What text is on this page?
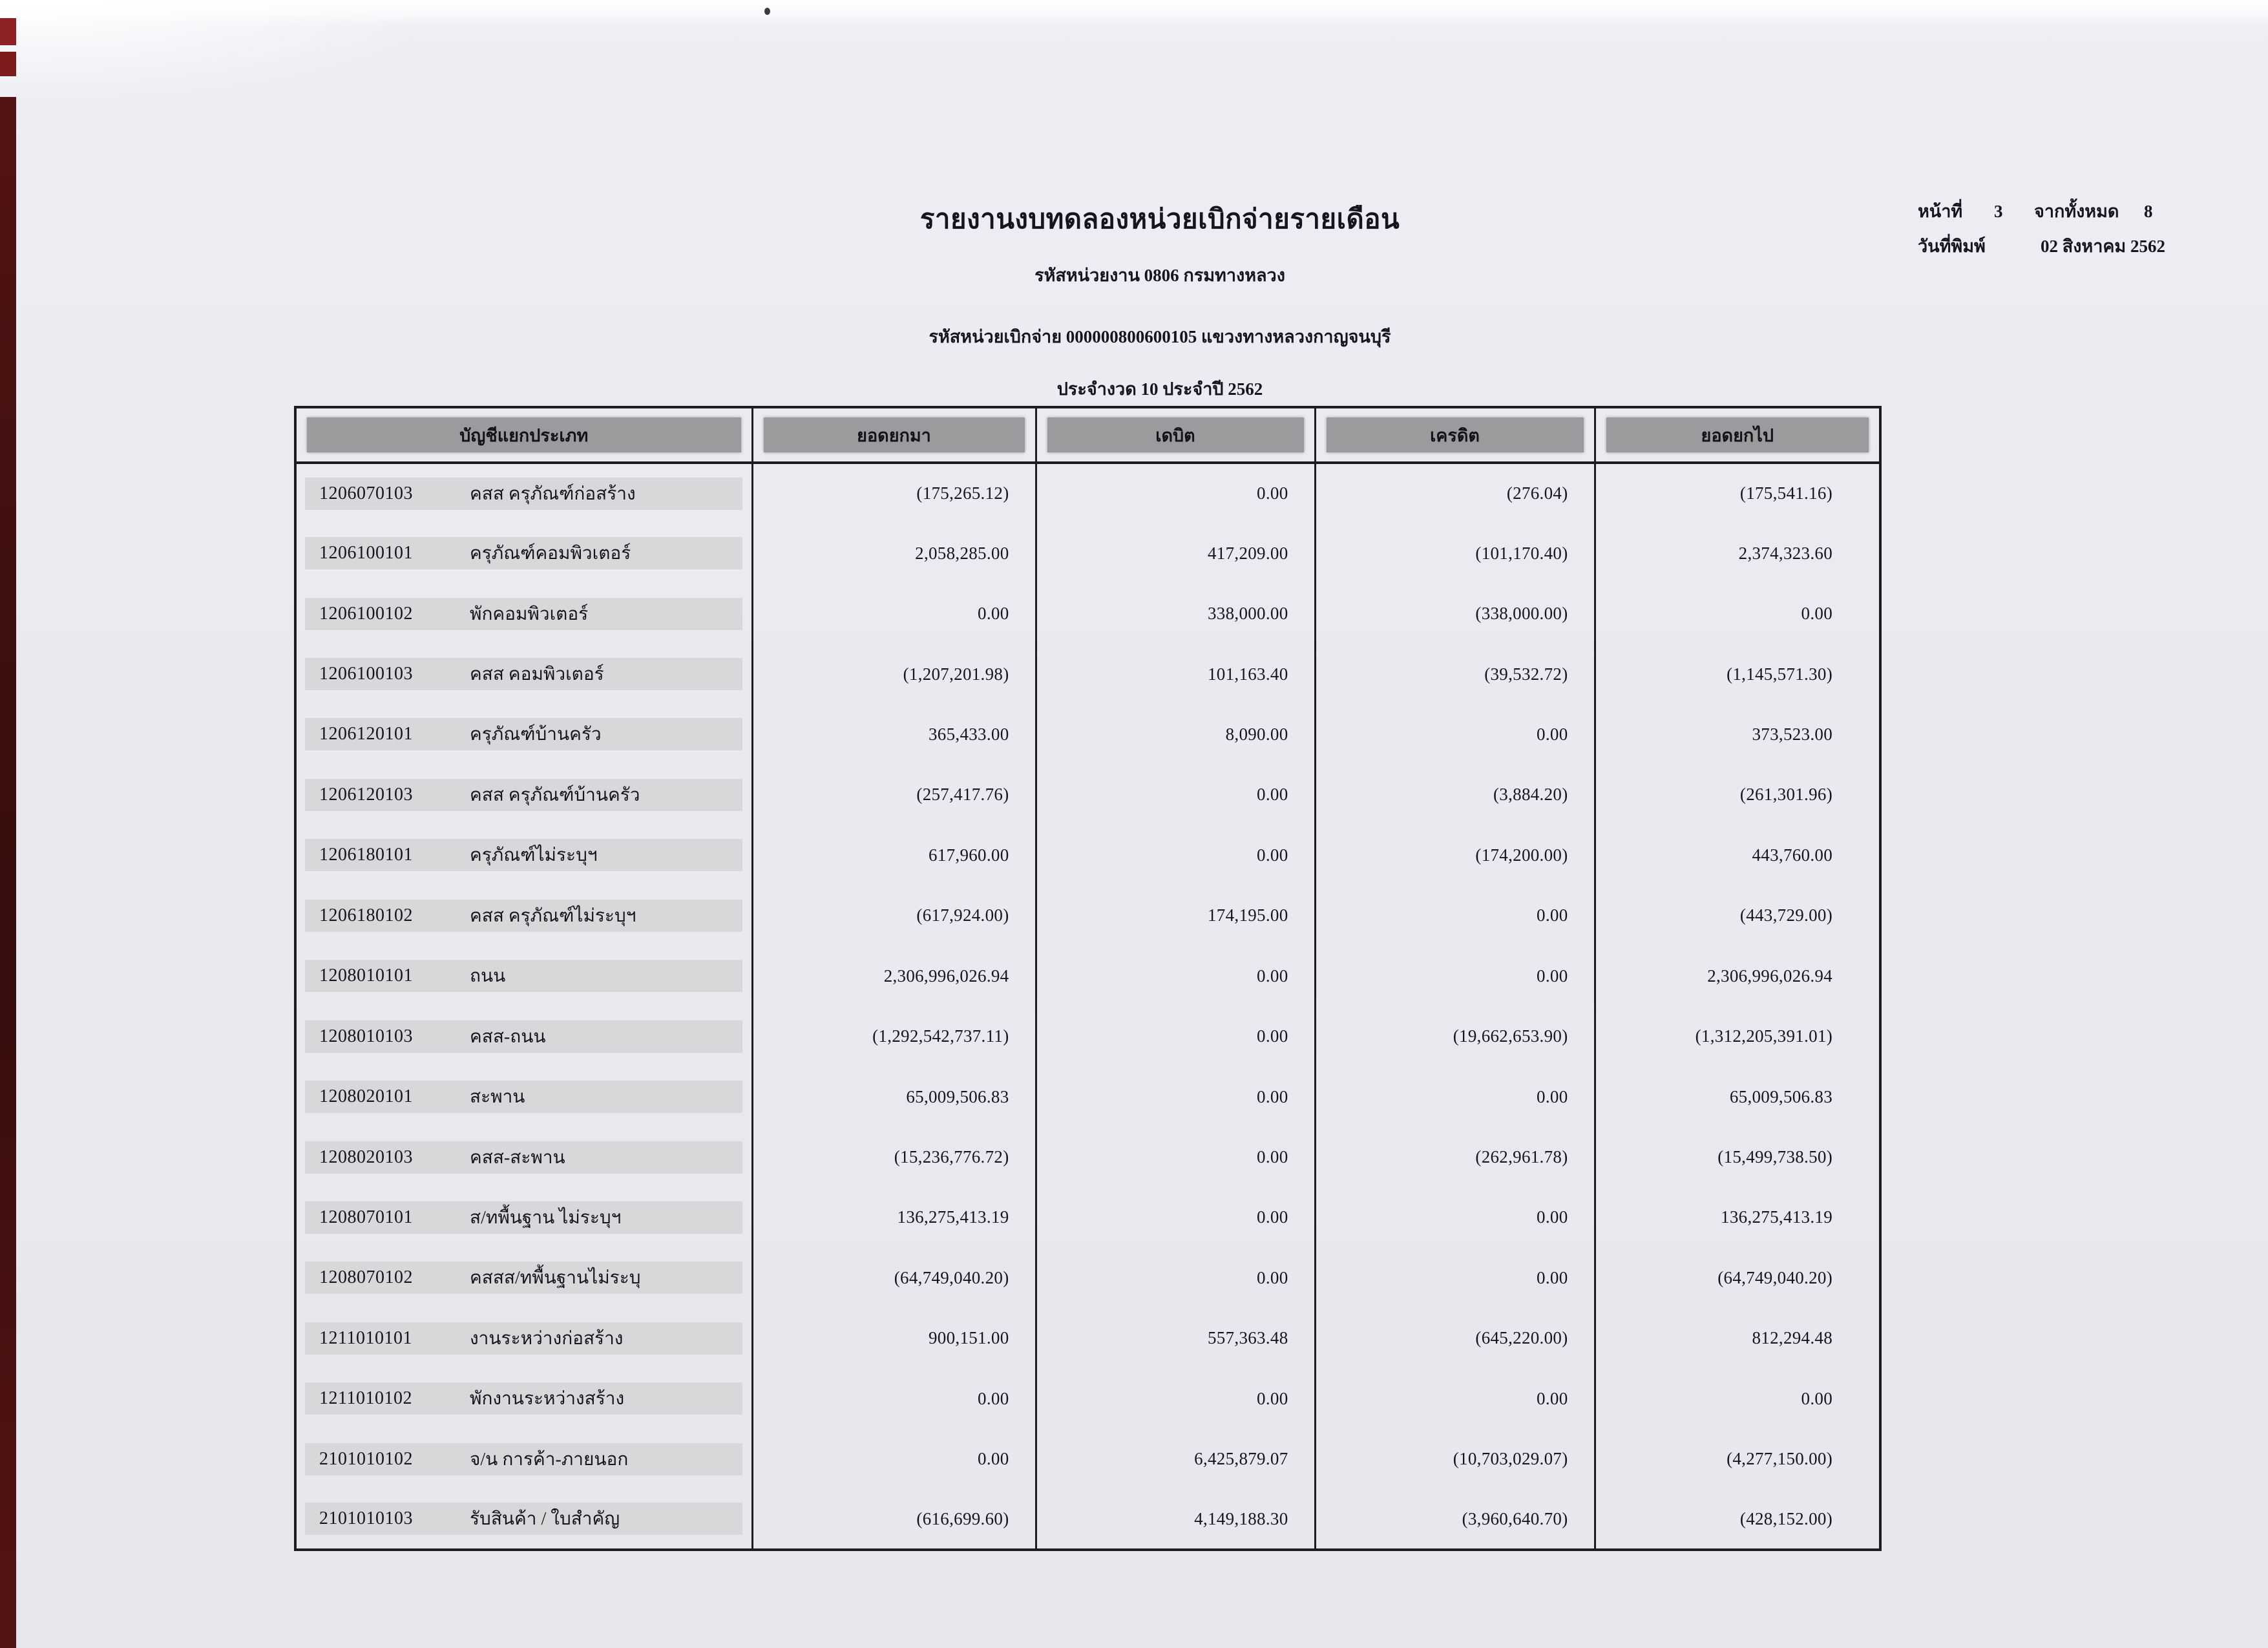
รายงานงบทดลองหน่วยเบิกจ่ายรายเดือน
รหัสหน่วยงาน 0806 กรมทางหลวง
รหัสหน่วยเบิกจ่าย 000000800600105 แขวงทางหลวงกาญจนบุรี
ประจำงวด 10 ประจำปี 2562
หน้าที่	3	จากทั้งหมด	8
วันที่พิมพ์	02 สิงหาคม 2562
บัญชีแยกประเภท	ยอดยกมา	เดบิต	เครดิต	ยอดยกไป

1206070103 คสส ครุภัณฑ์ก่อสร้าง	(175,265.12)	0.00	(276.04)	(175,541.16)

1206100101 ครุภัณฑ์คอมพิวเตอร์	2,058,285.00	417,209.00	(101,170.40)	2,374,323.60

1206100102 พักคอมพิวเตอร์	0.00	338,000.00	(338,000.00)	0.00

1206100103 คสส คอมพิวเตอร์	(1,207,201.98)	101,163.40	(39,532.72)	(1,145,571.30)

1206120101 ครุภัณฑ์บ้านครัว	365,433.00	8,090.00	0.00	373,523.00

1206120103 คสส ครุภัณฑ์บ้านครัว	(257,417.76)	0.00	(3,884.20)	(261,301.96)

1206180101 ครุภัณฑ์ไม่ระบุฯ	617,960.00	0.00	(174,200.00)	443,760.00

1206180102 คสส ครุภัณฑ์ไม่ระบุฯ	(617,924.00)	174,195.00	0.00	(443,729.00)

1208010101 ถนน	2,306,996,026.94	0.00	0.00	2,306,996,026.94

1208010103 คสส-ถนน	(1,292,542,737.11)	0.00	(19,662,653.90)	(1,312,205,391.01)

1208020101 สะพาน	65,009,506.83	0.00	0.00	65,009,506.83

1208020103 คสส-สะพาน	(15,236,776.72)	0.00	(262,961.78)	(15,499,738.50)

1208070101 ส/ทพื้นฐาน ไม่ระบุฯ	136,275,413.19	0.00	0.00	136,275,413.19

1208070102 คสสส/ทพื้นฐานไม่ระบุ	(64,749,040.20)	0.00	0.00	(64,749,040.20)

1211010101 งานระหว่างก่อสร้าง	900,151.00	557,363.48	(645,220.00)	812,294.48

1211010102 พักงานระหว่างสร้าง	0.00	0.00	0.00	0.00

2101010102 จ/น การค้า-ภายนอก	0.00	6,425,879.07	(10,703,029.07)	(4,277,150.00)

2101010103 รับสินค้า / ใบสำคัญ	(616,699.60)	4,149,188.30	(3,960,640.70)	(428,152.00)
